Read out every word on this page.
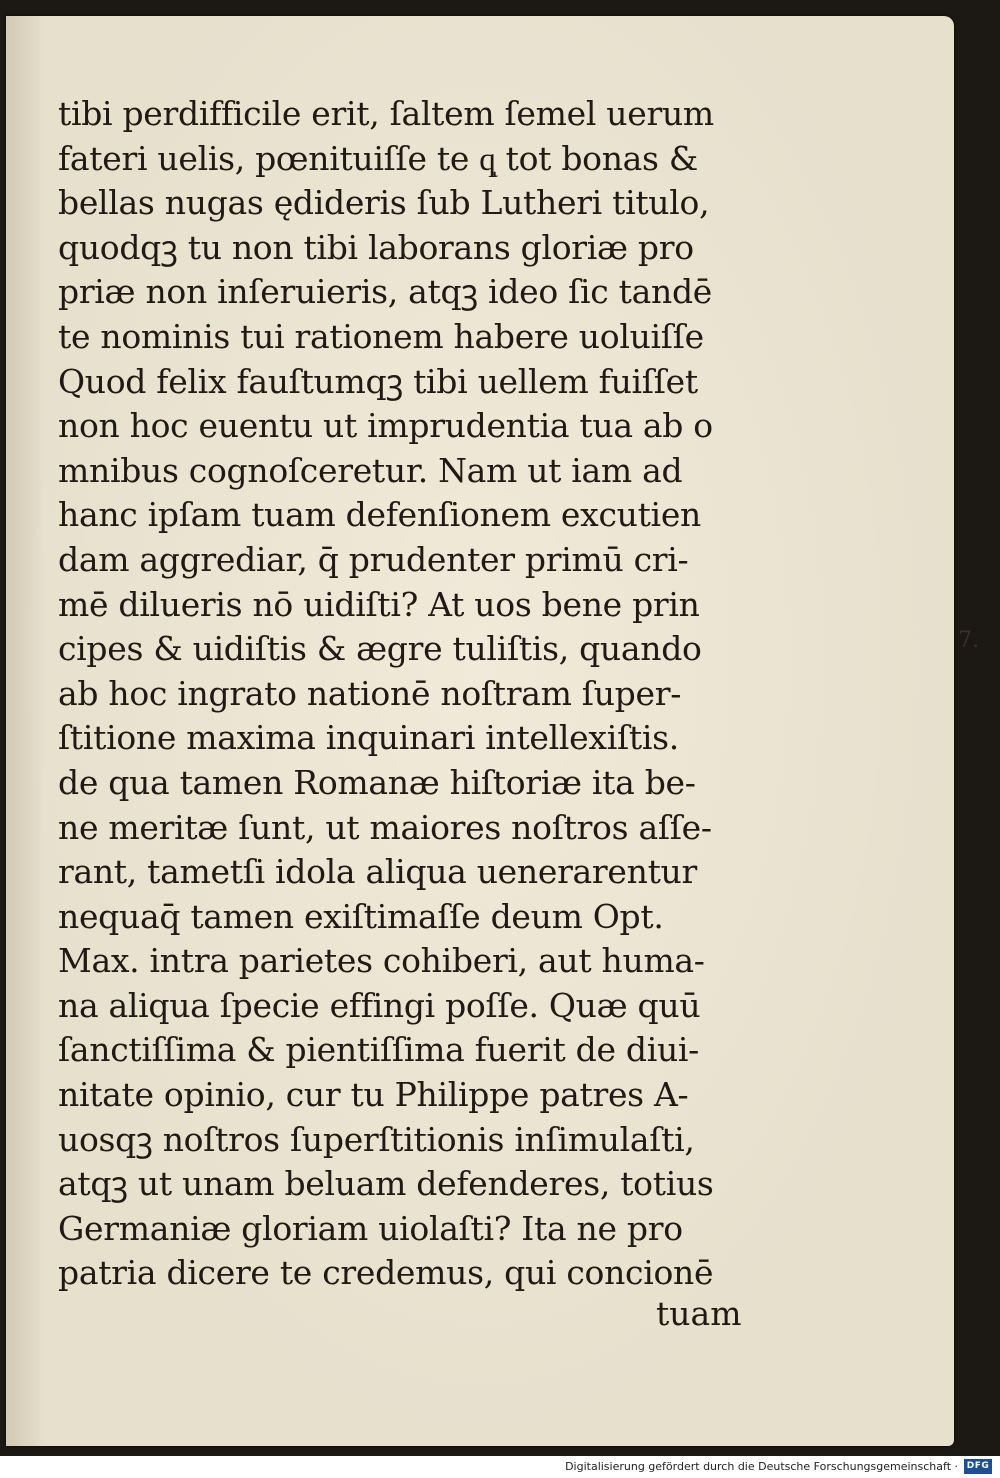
tibi perdifficile erit, ſaltem ſemel uerum
fateri uelis, pœnituiſſe te qͅ tot bonas &
bellas nugas ędideris ſub Lutheri titulo,
quodqꝫ tu non tibi laborans gloriæ pro
priæ non inſeruieris, atqꝫ ideo ſic tandē
te nominis tui rationem habere uoluiſſe
Quod felix fauſtumqꝫ tibi uellem fuiſſet
non hoc euentu ut imprudentia tua ab o
mnibus cognoſceretur. Nam ut iam ad
hanc ipſam tuam defenſionem excutien
dam aggrediar, q̄ prudenter primū cri-
mē dilueris nō uidiſti? At uos bene prin
cipes & uidiſtis & ægre tuliſtis, quando
ab hoc ingrato nationē noſtram ſuper-
ſtitione maxima inquinari intellexiſtis.
de qua tamen Romanæ hiſtoriæ ita be-
ne meritæ ſunt, ut maiores noſtros aſſe-
rant, tametſi idola aliqua uenerarentur
nequaq̄ tamen exiſtimaſſe deum Opt.
Max. intra parietes cohiberi, aut huma-
na aliqua ſpecie effingi poſſe. Quæ quū
ſanctiſſima & pientiſſima fuerit de diui-
nitate opinio, cur tu Philippe patres A-
uosqꝫ noſtros ſuperſtitionis inſimulaſti,
atqꝫ ut unam beluam defenderes, totius
Germaniæ gloriam uiolaſti? Ita ne pro
patria dicere te credemus, qui concionē
tuam
7.
Digitalisierung gefördert durch die Deutsche Forschungsgemeinschaft · DFG
